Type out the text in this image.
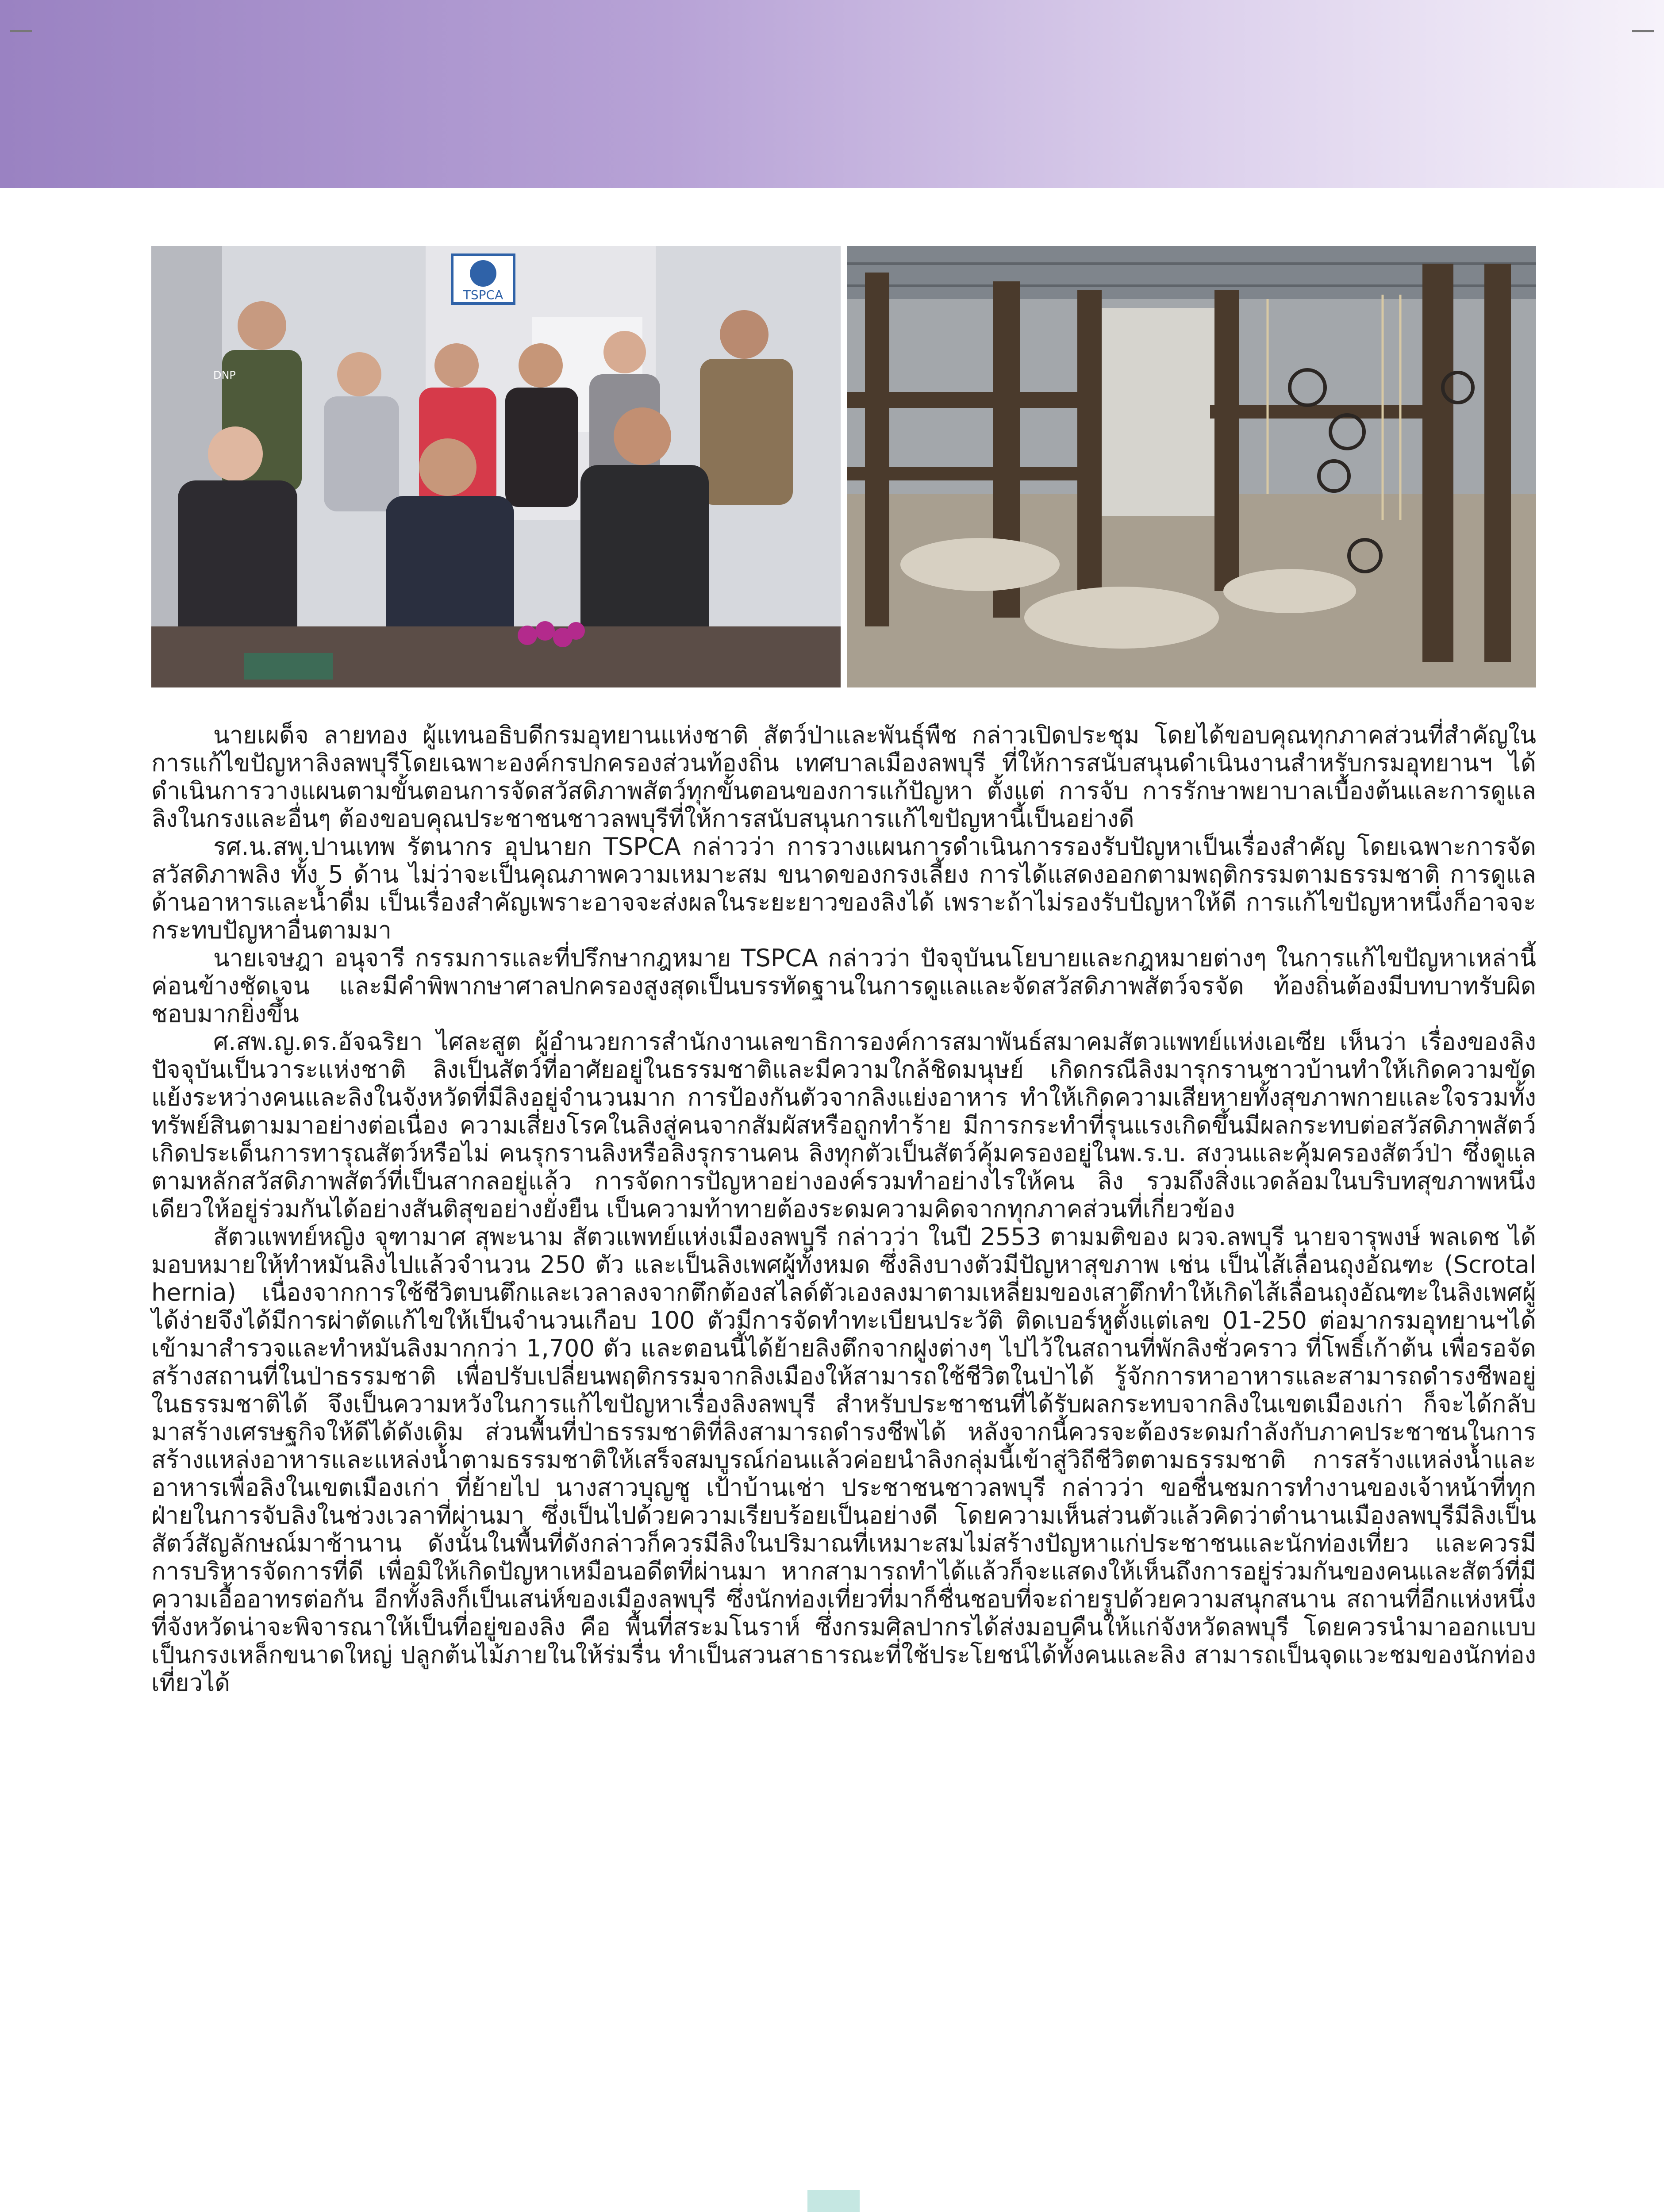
TSPCA
DNP

นายเผด็จ ลายทอง ผู้แทนอธิบดีกรมอุทยานแห่งชาติ สัตว์ป่าและพันธุ์พืช กล่าวเปิดประชุม โดยได้ขอบคุณทุกภาคส่วนที่สำคัญในการแก้ไขปัญหาลิงลพบุรีโดยเฉพาะองค์กรปกครองส่วนท้องถิ่น เทศบาลเมืองลพบุรี ที่ให้การสนับสนุนดำเนินงานสำหรับกรมอุทยานฯ ได้ดำเนินการวางแผนตามขั้นตอนการจัดสวัสดิภาพสัตว์ทุกขั้นตอนของการแก้ปัญหา ตั้งแต่ การจับ การรักษาพยาบาลเบื้องต้นและการดูแลลิงในกรงและอื่นๆ ต้องขอบคุณประชาชนชาวลพบุรีที่ให้การสนับสนุนการแก้ไขปัญหานี้เป็นอย่างดี

รศ.น.สพ.ปานเทพ รัตนากร อุปนายก TSPCA กล่าวว่า การวางแผนการดำเนินการรองรับปัญหาเป็นเรื่องสำคัญ โดยเฉพาะการจัดสวัสดิภาพลิง ทั้ง 5 ด้าน ไม่ว่าจะเป็นคุณภาพความเหมาะสม ขนาดของกรงเลี้ยง การได้แสดงออกตามพฤติกรรมตามธรรมชาติ การดูแลด้านอาหารและน้ำดื่ม เป็นเรื่องสำคัญเพราะอาจจะส่งผลในระยะยาวของลิงได้ เพราะถ้าไม่รองรับปัญหาให้ดี การแก้ไขปัญหาหนึ่งก็อาจจะกระทบปัญหาอื่นตามมา

นายเจษฎา อนุจารี กรรมการและที่ปรึกษากฎหมาย TSPCA กล่าวว่า ปัจจุบันนโยบายและกฎหมายต่างๆ ในการแก้ไขปัญหาเหล่านี้ค่อนข้างชัดเจน และมีคำพิพากษาศาลปกครองสูงสุดเป็นบรรทัดฐานในการดูแลและจัดสวัสดิภาพสัตว์จรจัด ท้องถิ่นต้องมีบทบาทรับผิดชอบมากยิ่งขึ้น

ศ.สพ.ญ.ดร.อัจฉริยา ไศละสูต ผู้อำนวยการสำนักงานเลขาธิการองค์การสมาพันธ์สมาคมสัตวแพทย์แห่งเอเซีย เห็นว่า เรื่องของลิงปัจจุบันเป็นวาระแห่งชาติ ลิงเป็นสัตว์ที่อาศัยอยู่ในธรรมชาติและมีความใกล้ชิดมนุษย์ เกิดกรณีลิงมารุกรานชาวบ้านทำให้เกิดความขัดแย้งระหว่างคนและลิงในจังหวัดที่มีลิงอยู่จำนวนมาก การป้องกันตัวจากลิงแย่งอาหาร ทำให้เกิดความเสียหายทั้งสุขภาพกายและใจรวมทั้งทรัพย์สินตามมาอย่างต่อเนื่อง ความเสี่ยงโรคในลิงสู่คนจากสัมผัสหรือถูกทำร้าย มีการกระทำที่รุนแรงเกิดขึ้นมีผลกระทบต่อสวัสดิภาพสัตว์ เกิดประเด็นการทารุณสัตว์หรือไม่ คนรุกรานลิงหรือลิงรุกรานคน ลิงทุกตัวเป็นสัตว์คุ้มครองอยู่ในพ.ร.บ. สงวนและคุ้มครองสัตว์ป่า ซึ่งดูแลตามหลักสวัสดิภาพสัตว์ที่เป็นสากลอยู่แล้ว การจัดการปัญหาอย่างองค์รวมทำอย่างไรให้คน ลิง รวมถึงสิ่งแวดล้อมในบริบทสุขภาพหนึ่งเดียวให้อยู่ร่วมกันได้อย่างสันติสุขอย่างยั่งยืน เป็นความท้าทายต้องระดมความคิดจากทุกภาคส่วนที่เกี่ยวข้อง

สัตวแพทย์หญิง จุฑามาศ สุพะนาม สัตวแพทย์แห่งเมืองลพบุรี กล่าวว่า ในปี 2553 ตามมติของ ผวจ.ลพบุรี นายจารุพงษ์ พลเดช ได้มอบหมายให้ทำหมันลิงไปแล้วจำนวน 250 ตัว และเป็นลิงเพศผู้ทั้งหมด ซึ่งลิงบางตัวมีปัญหาสุขภาพ เช่น เป็นไส้เลื่อนถุงอัณฑะ (Scrotal hernia) เนื่องจากการใช้ชีวิตบนตึกและเวลาลงจากตึกต้องสไลด์ตัวเองลงมาตามเหลี่ยมของเสาตึกทำให้เกิดไส้เลื่อนถุงอัณฑะในลิงเพศผู้ได้ง่ายจึงได้มีการผ่าตัดแก้ไขให้เป็นจำนวนเกือบ 100 ตัวมีการจัดทำทะเบียนประวัติ ติดเบอร์หูตั้งแต่เลข 01-250 ต่อมากรมอุทยานฯได้เข้ามาสำรวจและทำหมันลิงมากกว่า 1,700 ตัว และตอนนี้ได้ย้ายลิงตึกจากฝูงต่างๆ ไปไว้ในสถานที่พักลิงชั่วคราว ที่โพธิ์เก้าต้น เพื่อรอจัดสร้างสถานที่ในป่าธรรมชาติ เพื่อปรับเปลี่ยนพฤติกรรมจากลิงเมืองให้สามารถใช้ชีวิตในป่าได้ รู้จักการหาอาหารและสามารถดำรงชีพอยู่ในธรรมชาติได้ จึงเป็นความหวังในการแก้ไขปัญหาเรื่องลิงลพบุรี สำหรับประชาชนที่ได้รับผลกระทบจากลิงในเขตเมืองเก่า ก็จะได้กลับมาสร้างเศรษฐกิจให้ดีได้ดังเดิม ส่วนพื้นที่ป่าธรรมชาติที่ลิงสามารถดำรงชีพได้ หลังจากนี้ควรจะต้องระดมกำลังกับภาคประชาชนในการสร้างแหล่งอาหารและแหล่งน้ำตามธรรมชาติให้เสร็จสมบูรณ์ก่อนแล้วค่อยนำลิงกลุ่มนี้เข้าสู่วิถีชีวิตตามธรรมชาติ การสร้างแหล่งน้ำและอาหารเพื่อลิงในเขตเมืองเก่า ที่ย้ายไป นางสาวบุญชู เป้าบ้านเช่า ประชาชนชาวลพบุรี กล่าวว่า ขอชื่นชมการทำงานของเจ้าหน้าที่ทุกฝ่ายในการจับลิงในช่วงเวลาที่ผ่านมา ซึ่งเป็นไปด้วยความเรียบร้อยเป็นอย่างดี โดยความเห็นส่วนตัวแล้วคิดว่าตำนานเมืองลพบุรีมีลิงเป็นสัตว์สัญลักษณ์มาช้านาน ดังนั้นในพื้นที่ดังกล่าวก็ควรมีลิงในปริมาณที่เหมาะสมไม่สร้างปัญหาแก่ประชาชนและนักท่องเที่ยว และควรมีการบริหารจัดการที่ดี เพื่อมิให้เกิดปัญหาเหมือนอดีตที่ผ่านมา หากสามารถทำได้แล้วก็จะแสดงให้เห็นถึงการอยู่ร่วมกันของคนและสัตว์ที่มีความเอื้ออาทรต่อกัน อีกทั้งลิงก็เป็นเสน่ห์ของเมืองลพบุรี ซึ่งนักท่องเที่ยวที่มาก็ชื่นชอบที่จะถ่ายรูปด้วยความสนุกสนาน สถานที่อีกแห่งหนึ่งที่จังหวัดน่าจะพิจารณาให้เป็นที่อยู่ของลิง คือ พื้นที่สระมโนราห์ ซึ่งกรมศิลปากรได้ส่งมอบคืนให้แก่จังหวัดลพบุรี โดยควรนำมาออกแบบเป็นกรงเหล็กขนาดใหญ่ ปลูกต้นไม้ภายในให้ร่มรื่น ทำเป็นสวนสาธารณะที่ใช้ประโยชน์ได้ทั้งคนและลิง สามารถเป็นจุดแวะชมของนักท่องเที่ยวได้
